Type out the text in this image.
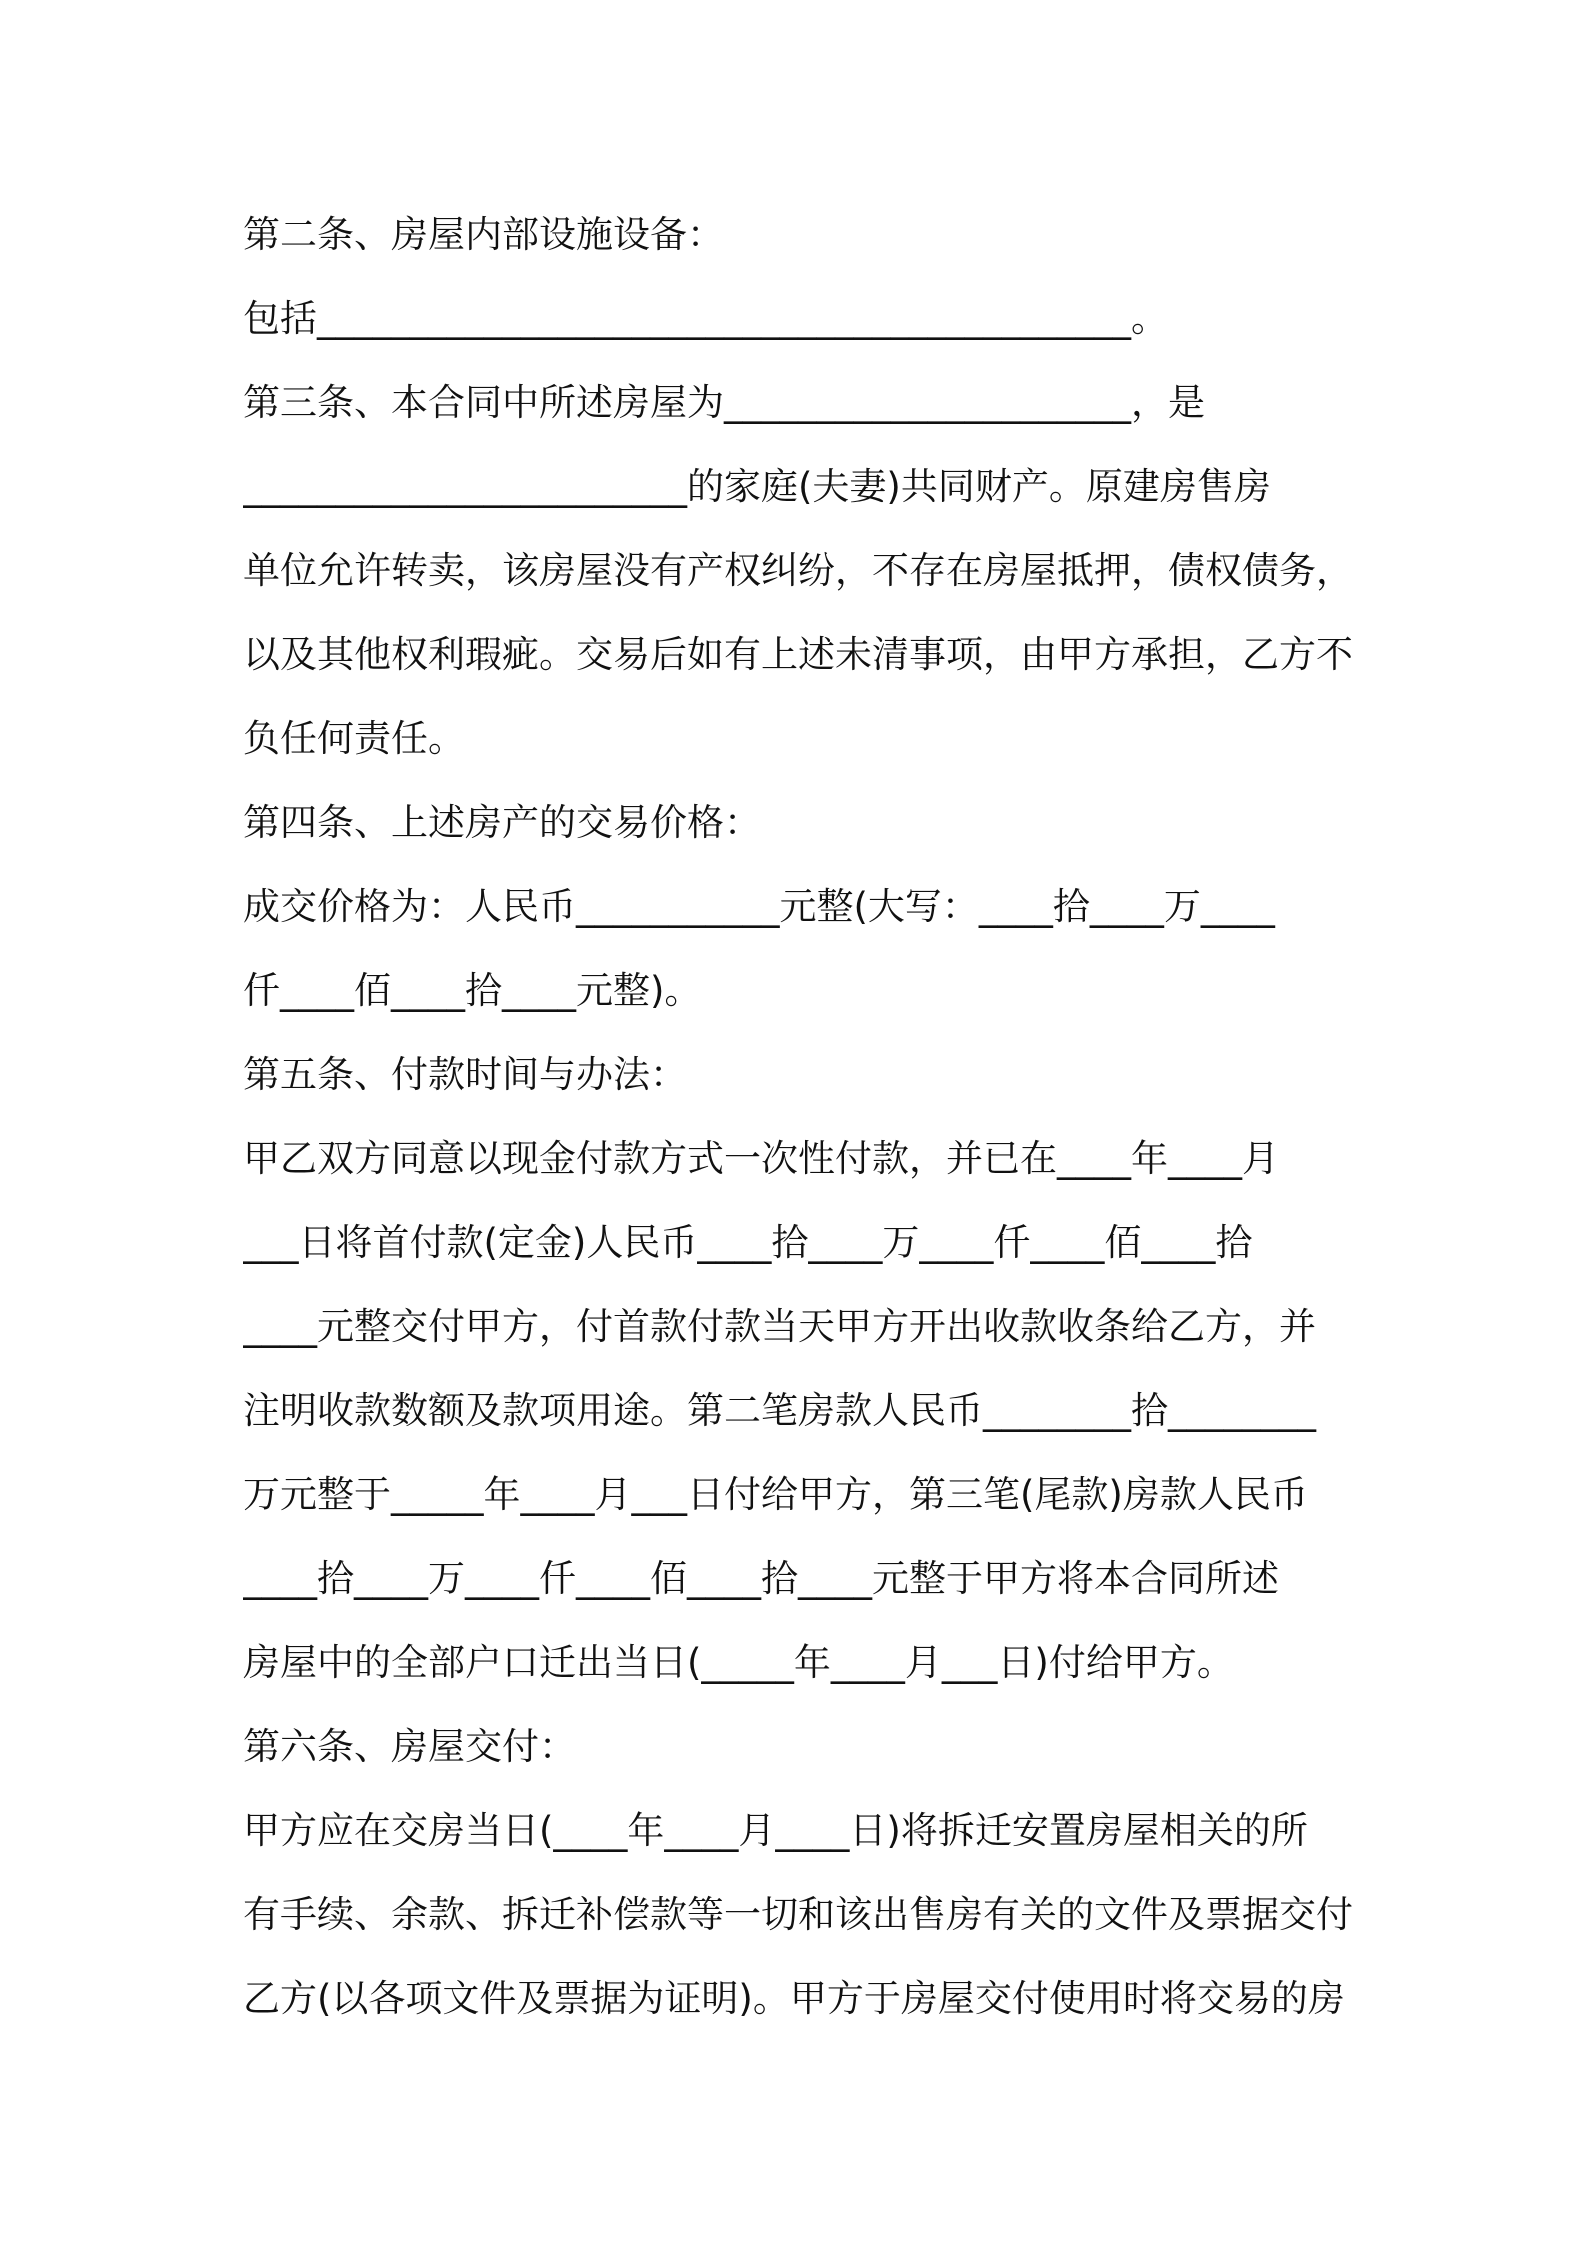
第二条、房屋内部设施设备：
包括____________________________________________。
第三条、本合同中所述房屋为______________________，是
________________________的家庭(夫妻)共同财产。原建房售房
单位允许转卖，该房屋没有产权纠纷，不存在房屋抵押，债权债务，
以及其他权利瑕疵。交易后如有上述未清事项，由甲方承担，乙方不
负任何责任。
第四条、上述房产的交易价格：
成交价格为：人民币___________元整(大写：____拾____万____
仟____佰____拾____元整)。
第五条、付款时间与办法：
甲乙双方同意以现金付款方式一次性付款，并已在____年____月
___日将首付款(定金)人民币____拾____万____仟____佰____拾
____元整交付甲方，付首款付款当天甲方开出收款收条给乙方，并
注明收款数额及款项用途。第二笔房款人民币________拾________
万元整于_____年____月___日付给甲方，第三笔(尾款)房款人民币
____拾____万____仟____佰____拾____元整于甲方将本合同所述
房屋中的全部户口迁出当日(_____年____月___日)付给甲方。
第六条、房屋交付：
甲方应在交房当日(____年____月____日)将拆迁安置房屋相关的所
有手续、余款、拆迁补偿款等一切和该出售房有关的文件及票据交付
乙方(以各项文件及票据为证明)。甲方于房屋交付使用时将交易的房
